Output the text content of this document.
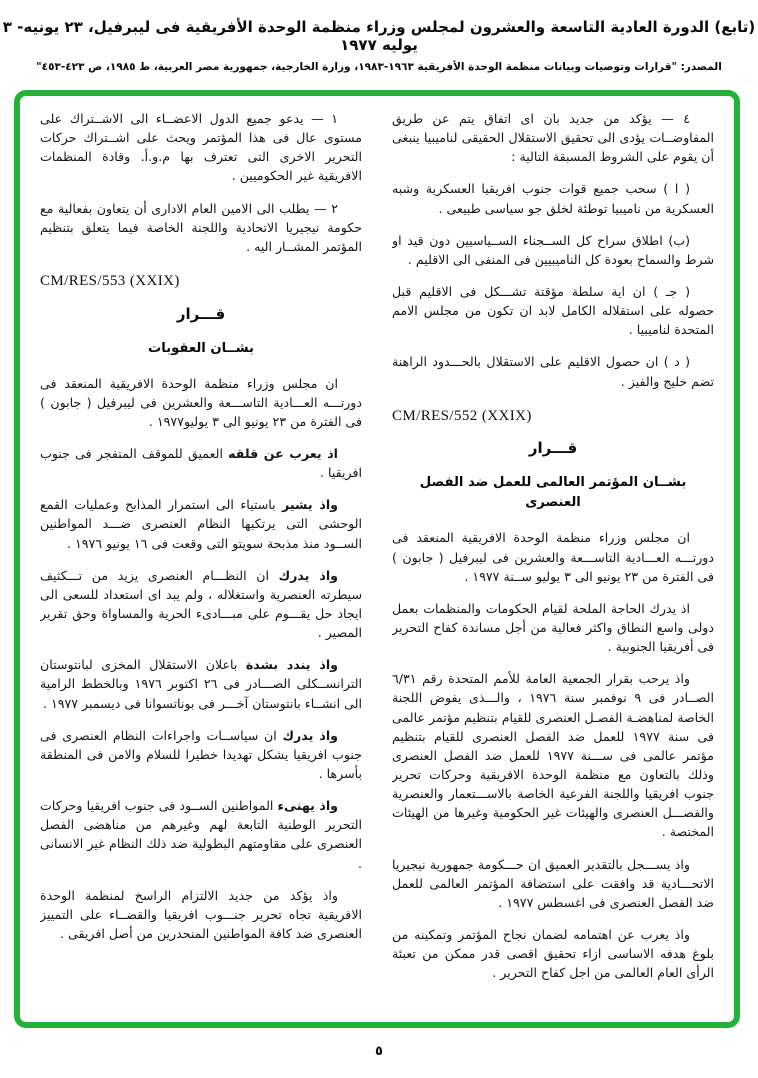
(تابع) الدورة العادية التاسعة والعشرون لمجلس وزراء منظمة الوحدة الأفريقية فى ليبرفيل، ٢٣ يونيه- ٣ يوليه ١٩٧٧
المصدر: "قرارات وتوصيات وبيانات منظمة الوحدة الأفريقية ١٩٦٣-١٩٨٣، وزارة الخارجية، جمهورية مصر العربية، ط ١٩٨٥، ص ٤٢٣-٤٥٣"

٤ — يؤكد من جديد بان اى اتفاق يتم عن طريق المفاوضــات يؤدى الى تحقيق الاستقلال الحقيقى لناميبيا ينبغى أن يقوم على الشروط المسبقة التالية :

( ا ) سحب جميع قوات جنوب افريقيا العسكرية وشبه العسكرية من ناميبيا توطئة لخلق جو سياسى طبيعى .

(ب) اطلاق سراح كل الســجناء الســياسيين دون قيد او شرط والسماح بعودة كل الناميبيين فى المنفى الى الاقليم .

( جـ ) ان اية سلطة مؤقتة تشـــكل فى الاقليم قبل حصوله على استقلاله الكامل لابد ان تكون من مجلس الامم المتحدة لناميبيا .

( د ) ان حصول الاقليم على الاستقلال بالحـــدود الراهنة تضم خليج والفيز .

CM/RES/552 (XXIX)
قـــرار
بشــان المؤتمر العالمى للعمل ضد الفصل العنصرى

ان مجلس وزراء منظمة الوحدة الافريقية المنعقد فى دورتـــه العـــادية التاســـعة والعشرين فى ليبرفيل ( جابون ) فى الفترة من ٢٣ يونيو الى ٣ يوليو ســنة ١٩٧٧ .

اذ يدرك الحاجة الملحة لقيام الحكومات والمنظمات بعمل دولى واسع النطاق واكثر فعالية من أجل مساندة كفاح التحرير فى أفريقيا الجنوبية .

واذ يرحب بقرار الجمعية العامة للأمم المتحدة رقم ٦/٣١ الصــادر فى ٩ نوفمبر سنة ١٩٧٦ ، والـــذى يفوض اللجنة الخاصة لمناهضـة الفصـل العنصرى للقيام بتنظيم مؤتمر عالمى فى سنة ١٩٧٧ للعمل ضد الفصل العنصرى للقيام بتنظيم مؤتمر عالمى فى ســـنة ١٩٧٧ للعمل ضد الفصل العنصرى وذلك بالتعاون مع منظمة الوحدة الافريقية وحركات تحرير جنوب افريقيا واللجنة الفرعية الخاصة بالاســـتعمار والعنصرية والفصـــل العنصرى والهيئات غير الحكومية وغيرها من الهيئات المختصة .

واذ يســـجل بالتقدير العميق ان حـــكومة جمهورية نيجيريا الاتحـــادية قد وافقت على استضافة المؤتمر العالمى للعمل ضد الفصل العنصرى فى اغسطس ١٩٧٧ .

واذ يعرب عن اهتمامه لضمان نجاح المؤتمر وتمكينه من بلوغ هدفه الاساسى ازاء تحقيق اقصى قدر ممكن من تعبئة الرأى العام العالمى من اجل كفاح التحرير .

١ — يدعو جميع الدول الاعضــاء الى الاشــتراك على مستوى عال فى هذا المؤتمر ويحث على اشــتراك حركات التحرير الاخرى التى تعترف بها م.و.أ. وقادة المنظمات الافريقية غير الحكوميين .

٢ — يطلب الى الامين العام الادارى أن يتعاون بفعالية مع حكومة نيجيريا الاتحادية واللجنة الخاصة فيما يتعلق بتنظيم المؤتمر المشــار اليه .

CM/RES/553 (XXIX)
قـــرار
بشــان العقوبات

ان مجلس وزراء منظمة الوحدة الافريقية المنعقد فى دورتـــه العـــادية التاســـعة والعشرين فى ليبرفيل ( جابون ) فى الفترة من ٢٣ يونيو الى ٣ يوليو١٩٧٧ .

اذ يعرب عن قلقه العميق للموقف المتفجر فى جنوب افريقيا .

واذ يشير باستياء الى استمرار المذابح وعمليات القمع الوحشى التى يرتكبها النظام العنصرى ضـــد المواطنين الســود منذ مذبحة سويتو التى وقعت فى ١٦ يونيو ١٩٧٦ .

واذ يدرك ان النظـــام العنصرى يزيد من تـــكثيف سيطرته العنصرية واستغلاله ، ولم يبد اى استعداد للسعى الى ايجاد حل يقـــوم على مبـــادىء الحرية والمساواة وحق تقرير المصير .

واذ يندد بشدة باعلان الاستقلال المخزى لبانتوستان الترانســكلى الصـــادر فى ٢٦ اكتوبر ١٩٧٦ وبالخطط الرامية الى انشــاء بانتوستان آخـــر فى بوناتسوانا فى ديسمبر ١٩٧٧ .

واذ يدرك ان سياســات واجراءات النظام العنصرى فى جنوب افريقيا يشكل تهديدا خطيرا للسلام والامن فى المنطقة بأسرها .

واذ يهنىء المواطنين الســود فى جنوب افريقيا وحركات التحرير الوطنية التابعة لهم وغيرهم من مناهضى الفصل العنصرى على مقاومتهم البطولية ضد ذلك النظام غير الانسانى .

واذ يؤكد من جديد الالتزام الراسخ لمنظمة الوحدة الافريقية تجاه تحرير جنـــوب افريقيا والقضــاء على التمييز العنصرى ضد كافة المواطنين المنحدرين من أصل افريقى .

٥
